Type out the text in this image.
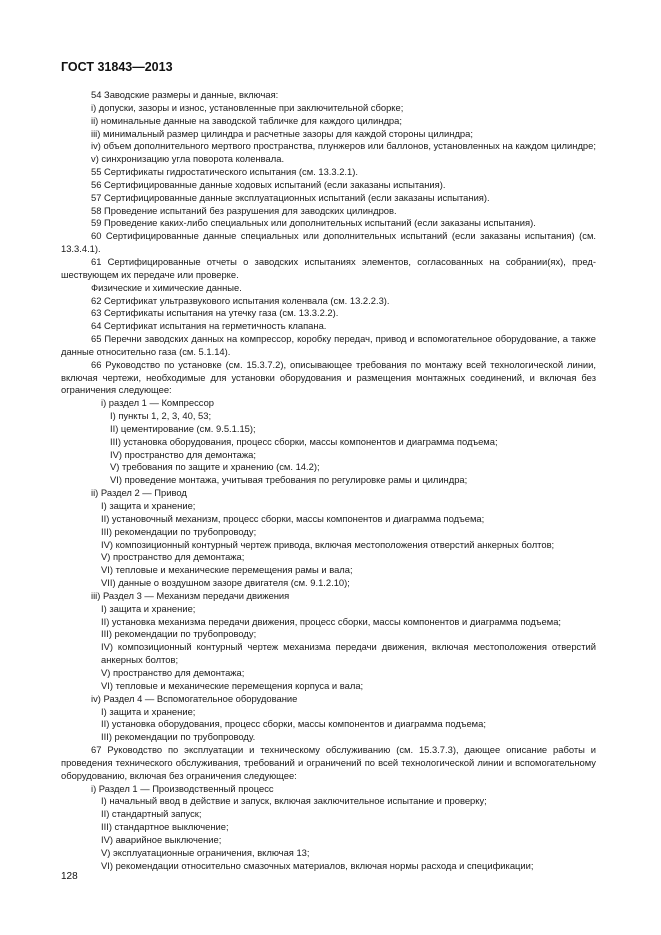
ГОСТ 31843—2013

54 Заводские размеры и данные, включая:

i) допуски, зазоры и износ, установленные при заключительной сборке;

ii) номинальные данные на заводской табличке для каждого цилиндра;

iii) минимальный размер цилиндра и расчетные зазоры для каждой стороны цилиндра;

iv) объем дополнительного мертвого пространства, плунжеров или баллонов, установленных на каждом цилиндре;

v) синхронизацию угла поворота коленвала.

55 Сертификаты гидростатического испытания (см. 13.3.2.1).

56 Сертифицированные данные ходовых испытаний (если заказаны испытания).

57 Сертифицированные данные эксплуатационных испытаний (если заказаны испытания).

58 Проведение испытаний без разрушения для заводских цилиндров.

59 Проведение каких-либо специальных или дополнительных испытаний (если заказаны испытания).

60 Сертифицированные данные специальных или дополнительных испытаний (если заказаны испытания) (см. 13.3.4.1).

61 Сертифицированные отчеты о заводских испытаниях элементов, согласованных на собрании(ях), предшествующем их передаче или проверке.

Физические и химические данные.

62 Сертификат ультразвукового испытания коленвала (см. 13.2.2.3).

63 Сертификаты испытания на утечку газа (см. 13.3.2.2).

64 Сертификат испытания на герметичность клапана.

65 Перечни заводских данных на компрессор, коробку передач, привод и вспомогательное оборудование, а также данные относительно газа (см. 5.1.14).

66 Руководство по установке (см. 15.3.7.2), описывающее требования по монтажу всей технологической линии, включая чертежи, необходимые для установки оборудования и размещения монтажных соединений, и включая без ограничения следующее:

i) раздел 1 — Компрессор

I) пункты 1, 2, 3, 40, 53;

II) цементирование (см. 9.5.1.15);

III) установка оборудования, процесс сборки, массы компонентов и диаграмма подъема;

IV) пространство для демонтажа;

V) требования по защите и хранению (см. 14.2);

VI) проведение монтажа, учитывая требования по регулировке рамы и цилиндра;

ii) Раздел 2 — Привод

I) защита и хранение;

II) установочный механизм, процесс сборки, массы компонентов и диаграмма подъема;

III) рекомендации по трубопроводу;

IV) композиционный контурный чертеж привода, включая местоположения отверстий анкерных болтов;

V) пространство для демонтажа;

VI) тепловые и механические перемещения рамы и вала;

VII) данные о воздушном зазоре двигателя (см. 9.1.2.10);

iii) Раздел 3 — Механизм передачи движения

I) защита и хранение;

II) установка механизма передачи движения, процесс сборки, массы компонентов и диаграмма подъема;

III) рекомендации по трубопроводу;

IV) композиционный контурный чертеж механизма передачи движения, включая местоположения отверстий анкерных болтов;

V) пространство для демонтажа;

VI) тепловые и механические перемещения корпуса и вала;

iv) Раздел 4 — Вспомогательное оборудование

I) защита и хранение;

II) установка оборудования, процесс сборки, массы компонентов и диаграмма подъема;

III) рекомендации по трубопроводу.

67 Руководство по эксплуатации и техническому обслуживанию (см. 15.3.7.3), дающее описание работы и проведения технического обслуживания, требований и ограничений по всей технологической линии и вспомогательному оборудованию, включая без ограничения следующее:

i) Раздел 1 — Производственный процесс

I) начальный ввод в действие и запуск, включая заключительное испытание и проверку;

II) стандартный запуск;

III) стандартное выключение;

IV) аварийное выключение;

V) эксплуатационные ограничения, включая 13;

VI) рекомендации относительно смазочных материалов, включая нормы расхода и спецификации;

128
